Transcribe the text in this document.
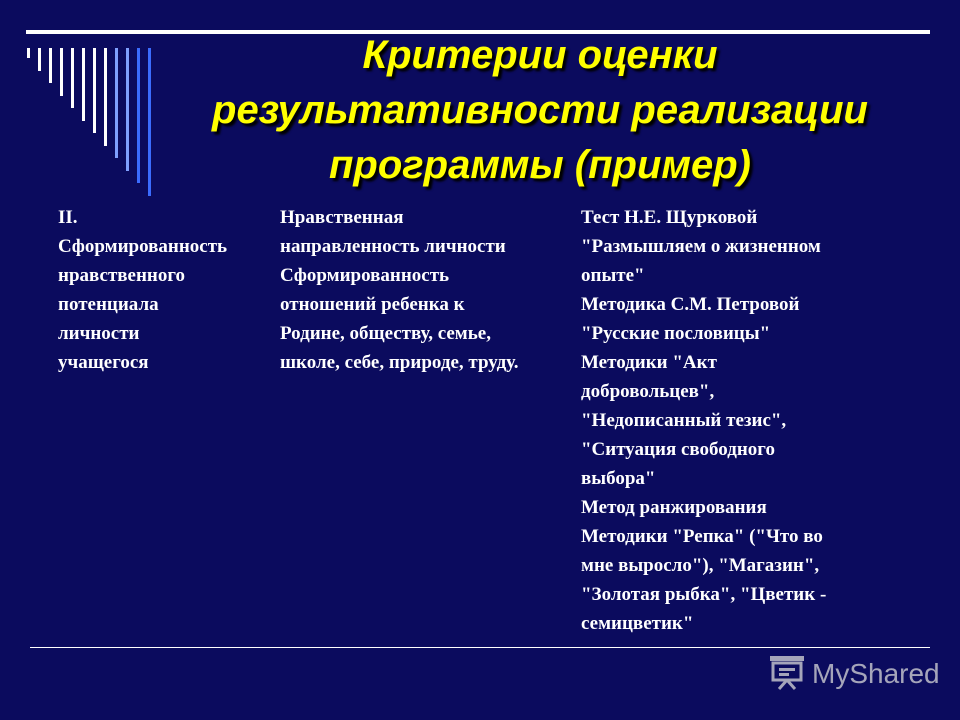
Критерии оценки
результативности реализации
программы (пример)
II.
Сформированность
нравственного
потенциала
личности
учащегося
Нравственная
направленность личности
Сформированность
отношений ребенка к
Родине, обществу, семье,
школе, себе, природе, труду.
Тест Н.Е. Щурковой
"Размышляем о жизненном
опыте"
Методика С.М. Петровой
"Русские пословицы"
Методики "Акт
добровольцев",
"Недописанный тезис",
"Ситуация свободного
выбора"
Метод ранжирования
Методики "Репка" ("Что во
мне выросло"), "Магазин",
"Золотая рыбка", "Цветик -
семицветик"
MyShared
